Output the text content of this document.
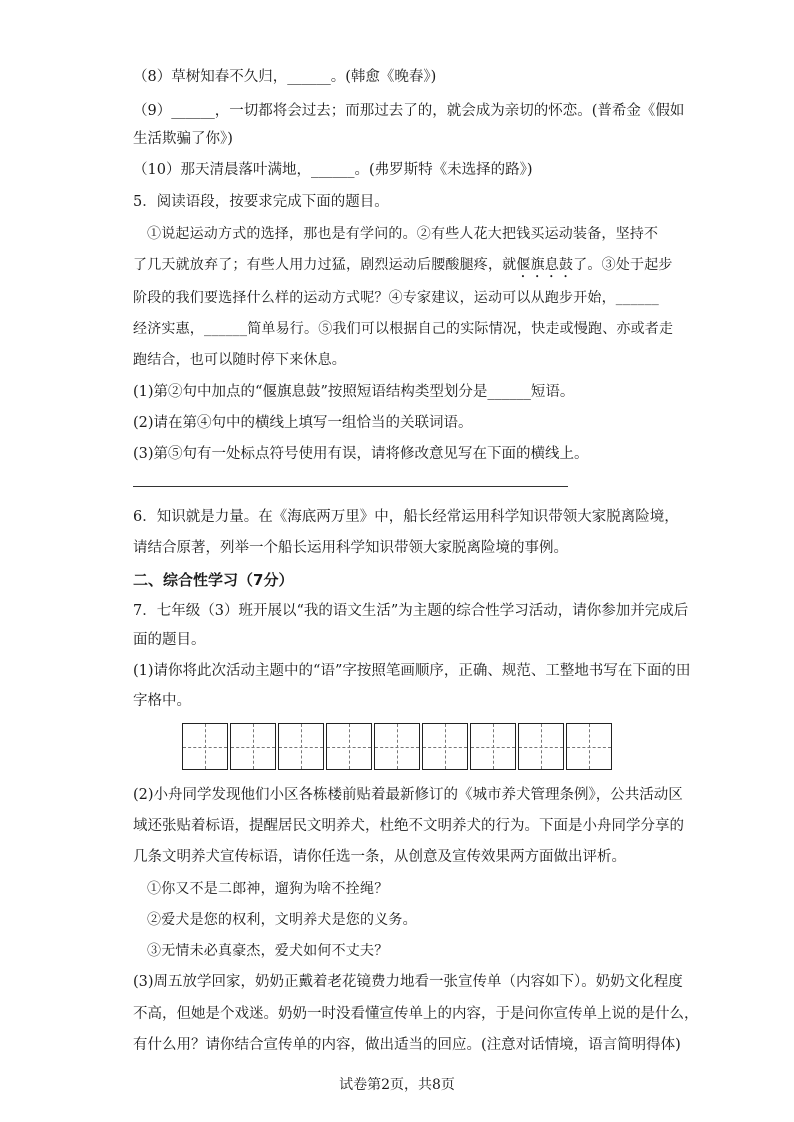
（8）草树知春不久归，______。(韩愈《晚春》)
（9）______，一切都将会过去；而那过去了的，就会成为亲切的怀恋。(普希金《假如
生活欺骗了你》)
（10）那天清晨落叶满地，______。(弗罗斯特《未选择的路》)
5．阅读语段，按要求完成下面的题目。
①说起运动方式的选择，那也是有学问的。②有些人花大把钱买运动装备，坚持不
了几天就放弃了；有些人用力过猛，剧烈运动后腰酸腿疼，就偃旗息鼓了。③处于起步
阶段的我们要选择什么样的运动方式呢？④专家建议，运动可以从跑步开始，______
经济实惠，______简单易行。⑤我们可以根据自己的实际情况，快走或慢跑、亦或者走
跑结合，也可以随时停下来休息。
(1)第②句中加点的“偃旗息鼓”按照短语结构类型划分是______短语。
(2)请在第④句中的横线上填写一组恰当的关联词语。
(3)第⑤句有一处标点符号使用有误，请将修改意见写在下面的横线上。
6．知识就是力量。在《海底两万里》中，船长经常运用科学知识带领大家脱离险境，
请结合原著，列举一个船长运用科学知识带领大家脱离险境的事例。
二、综合性学习（7分）
7．七年级（3）班开展以“我的语文生活”为主题的综合性学习活动，请你参加并完成后
面的题目。
(1)请你将此次活动主题中的“语”字按照笔画顺序，正确、规范、工整地书写在下面的田
字格中。
(2)小舟同学发现他们小区各栋楼前贴着最新修订的《城市养犬管理条例》，公共活动区
域还张贴着标语，提醒居民文明养犬，杜绝不文明养犬的行为。下面是小舟同学分享的
几条文明养犬宣传标语，请你任选一条，从创意及宣传效果两方面做出评析。
①你又不是二郎神，遛狗为啥不拴绳？
②爱犬是您的权利，文明养犬是您的义务。
③无情未必真豪杰，爱犬如何不丈夫？
(3)周五放学回家，奶奶正戴着老花镜费力地看一张宣传单（内容如下）。奶奶文化程度
不高，但她是个戏迷。奶奶一时没看懂宣传单上的内容，于是问你宣传单上说的是什么，
有什么用？请你结合宣传单的内容，做出适当的回应。(注意对话情境，语言简明得体)
试卷第2页，共8页
